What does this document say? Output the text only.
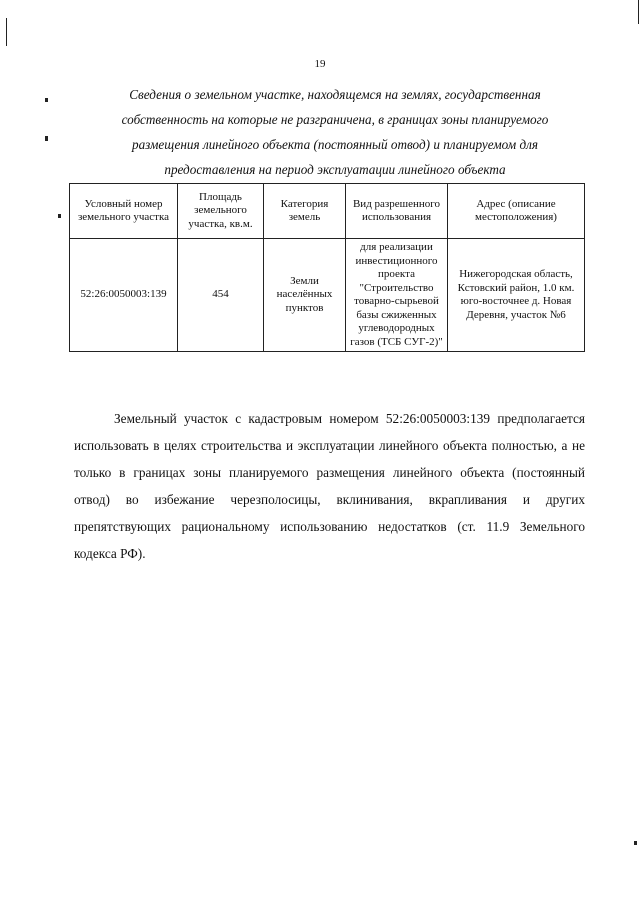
19
Сведения о земельном участке, находящемся на землях, государственная
собственность на которые не разграничена, в границах зоны планируемого
размещения линейного объекта (постоянный отвод) и планируемом для
предоставления на период эксплуатации линейного объекта
Условный номер земельного участка	Площадь земельного участка, кв.м.	Категория земель	Вид разрешенного использования	Адрес (описание местоположения)
52:26:0050003:139	454	Земли населённых пунктов	для реализации инвестиционного проекта "Строительство товарно-сырьевой базы сжиженных углеводородных газов (ТСБ СУГ-2)"	Нижегородская область, Кстовский район, 1.0 км. юго-восточнее д. Новая Деревня, участок №6

Земельный участок с кадастровым номером 52:26:0050003:139 предполагается использовать в целях строительства и эксплуатации линейного объекта полностью, а не только в границах зоны планируемого размещения линейного объекта (постоянный отвод) во избежание черезполосицы, вклинивания, вкрапливания и других препятствующих рациональному использованию недостатков (ст. 11.9 Земельного кодекса РФ).
